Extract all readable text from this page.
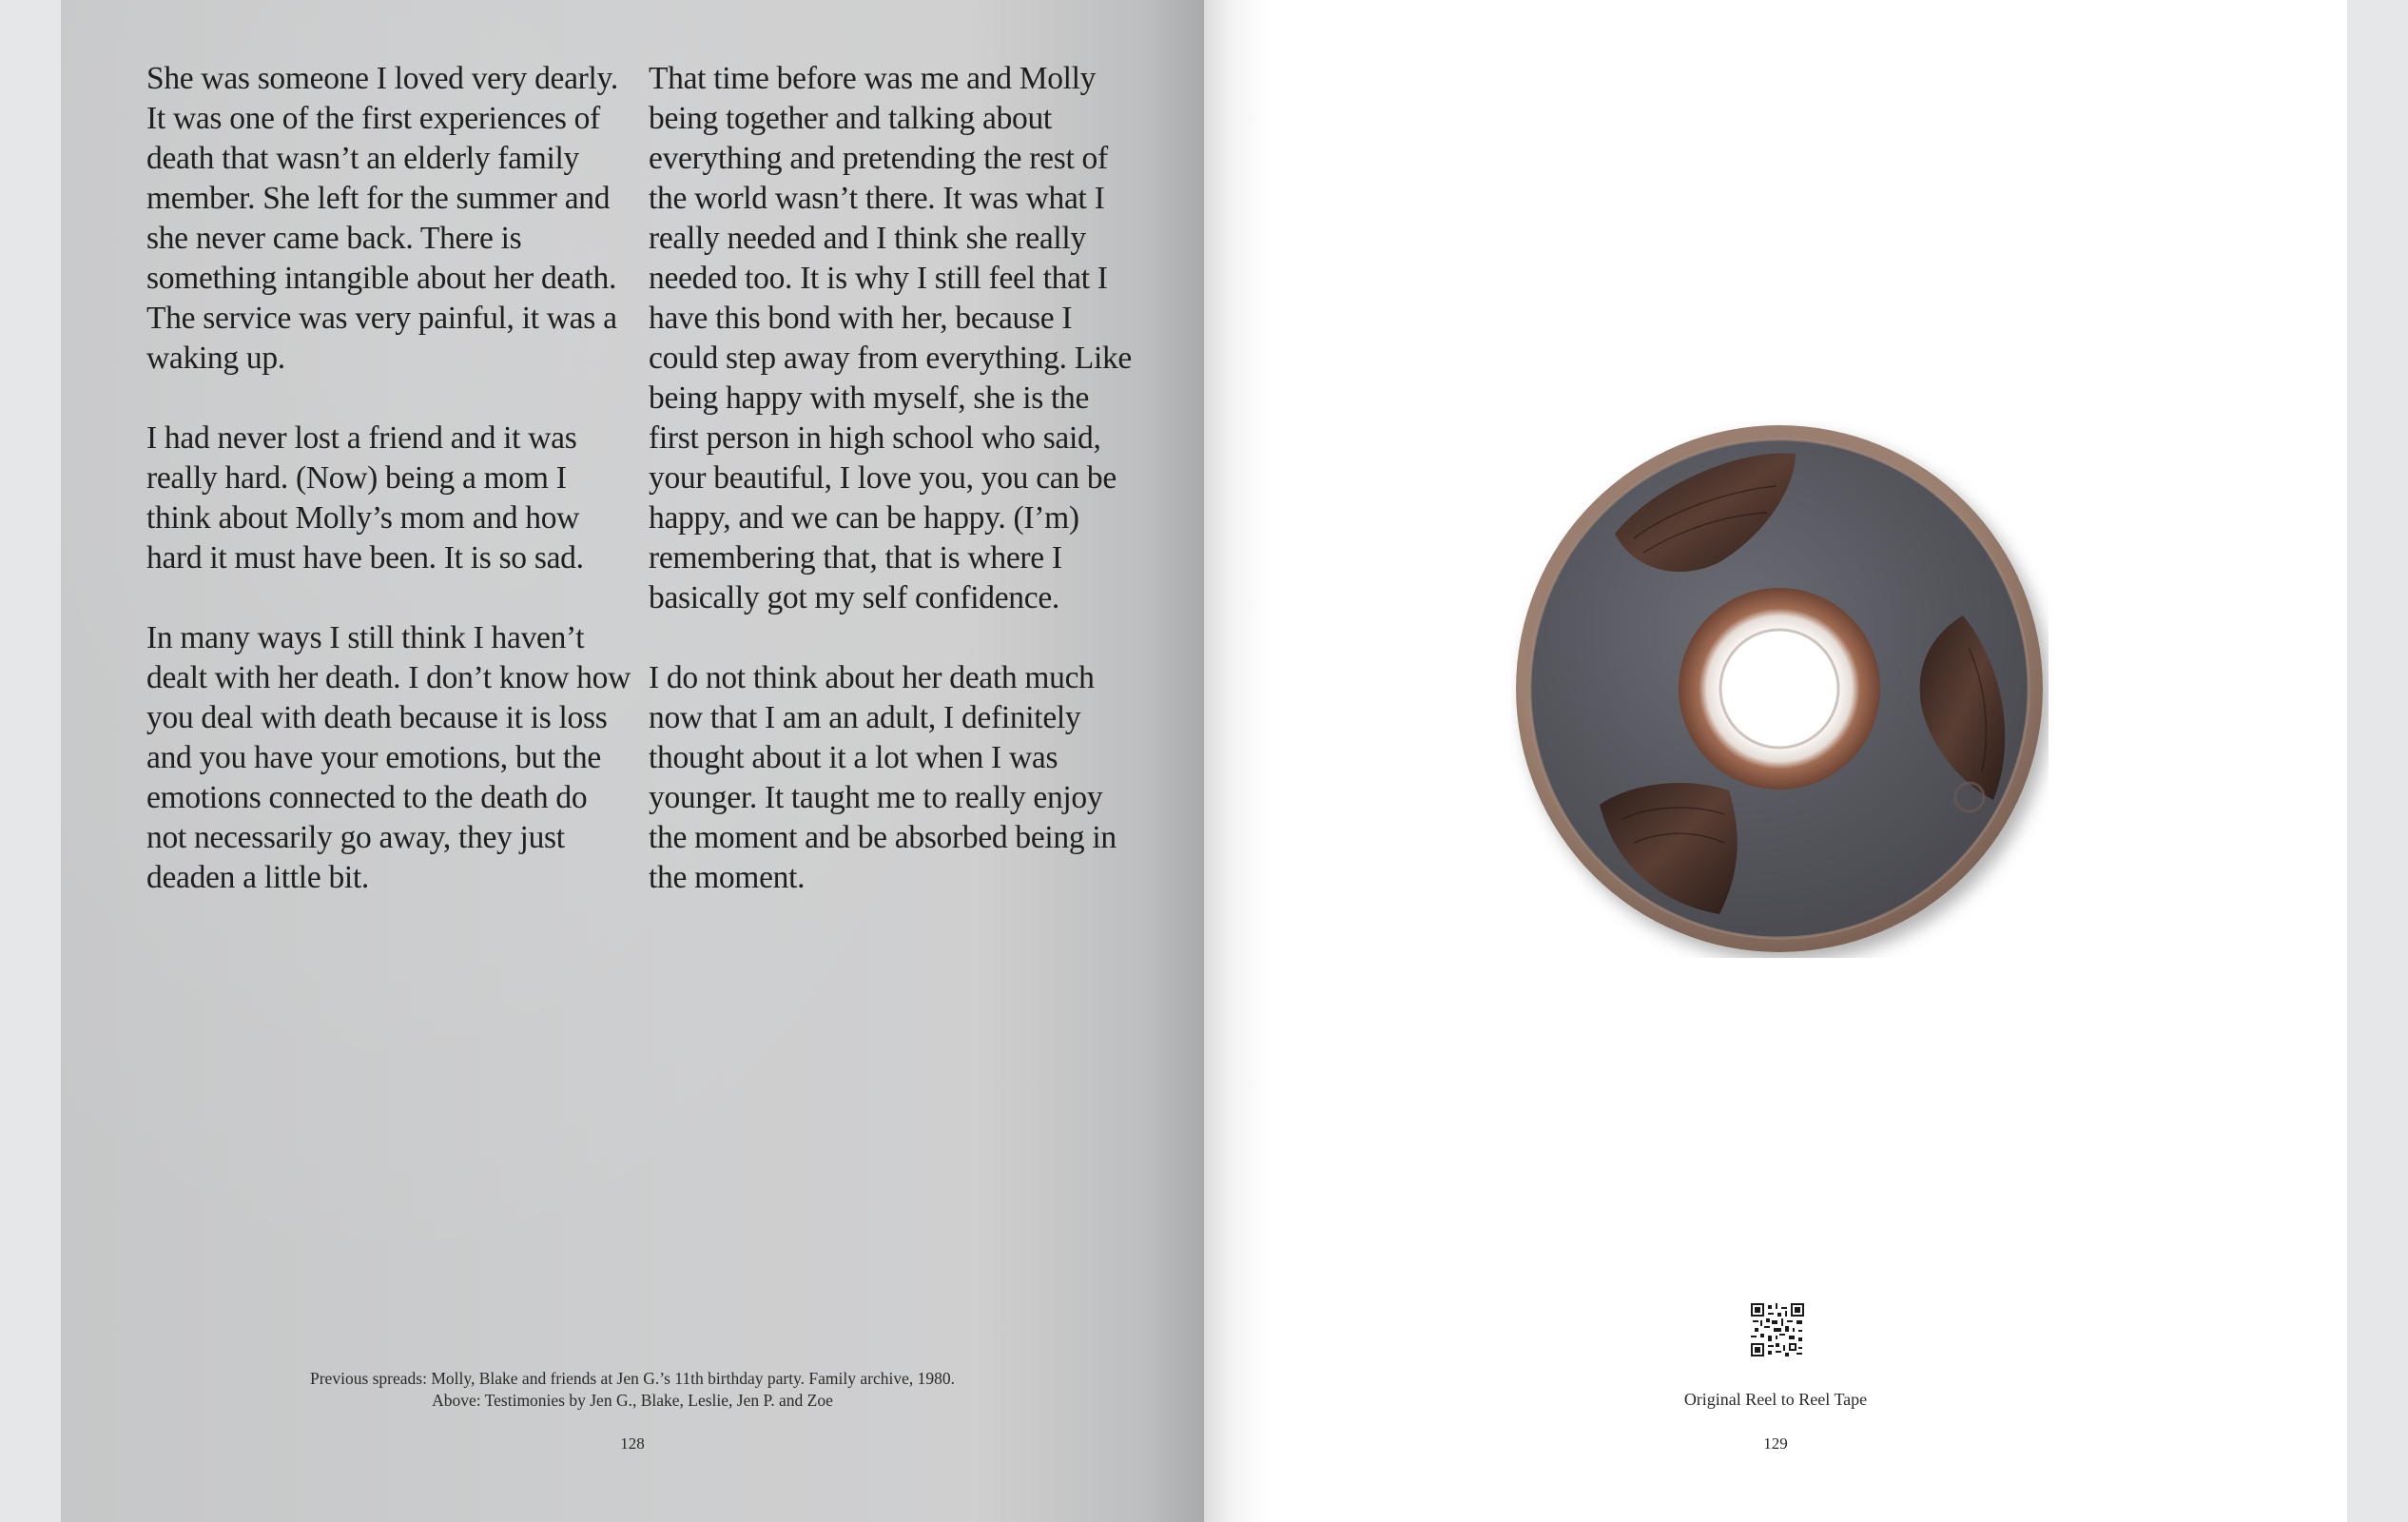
She was someone I loved very dearly. It was one of the first experiences of death that wasn’t an elderly family member. She left for the summer and she never came back. There is something intangible about her death. The service was very painful, it was a waking up.

I had never lost a friend and it was really hard. (Now) being a mom I think about Molly’s mom and how hard it must have been. It is so sad.

In many ways I still think I haven’t dealt with her death. I don’t know how you deal with death because it is loss and you have your emotions, but the emotions connected to the death do not necessarily go away, they just deaden a little bit.

That time before was me and Molly being together and talking about everything and pretending the rest of the world wasn’t there. It was what I really needed and I think she really needed too. It is why I still feel that I have this bond with her, because I could step away from everything. Like being happy with myself, she is the first person in high school who said, your beautiful, I love you, you can be happy, and we can be happy. (I’m) remembering that, that is where I basically got my self confidence.

I do not think about her death much now that I am an adult, I definitely thought about it a lot when I was younger. It taught me to really enjoy the moment and be absorbed being in the moment.

Previous spreads: Molly, Blake and friends at Jen G.’s 11th birthday party. Family archive, 1980.
Above: Testimonies by Jen G., Blake, Leslie, Jen P. and Zoe
128
Original Reel to Reel Tape
129
